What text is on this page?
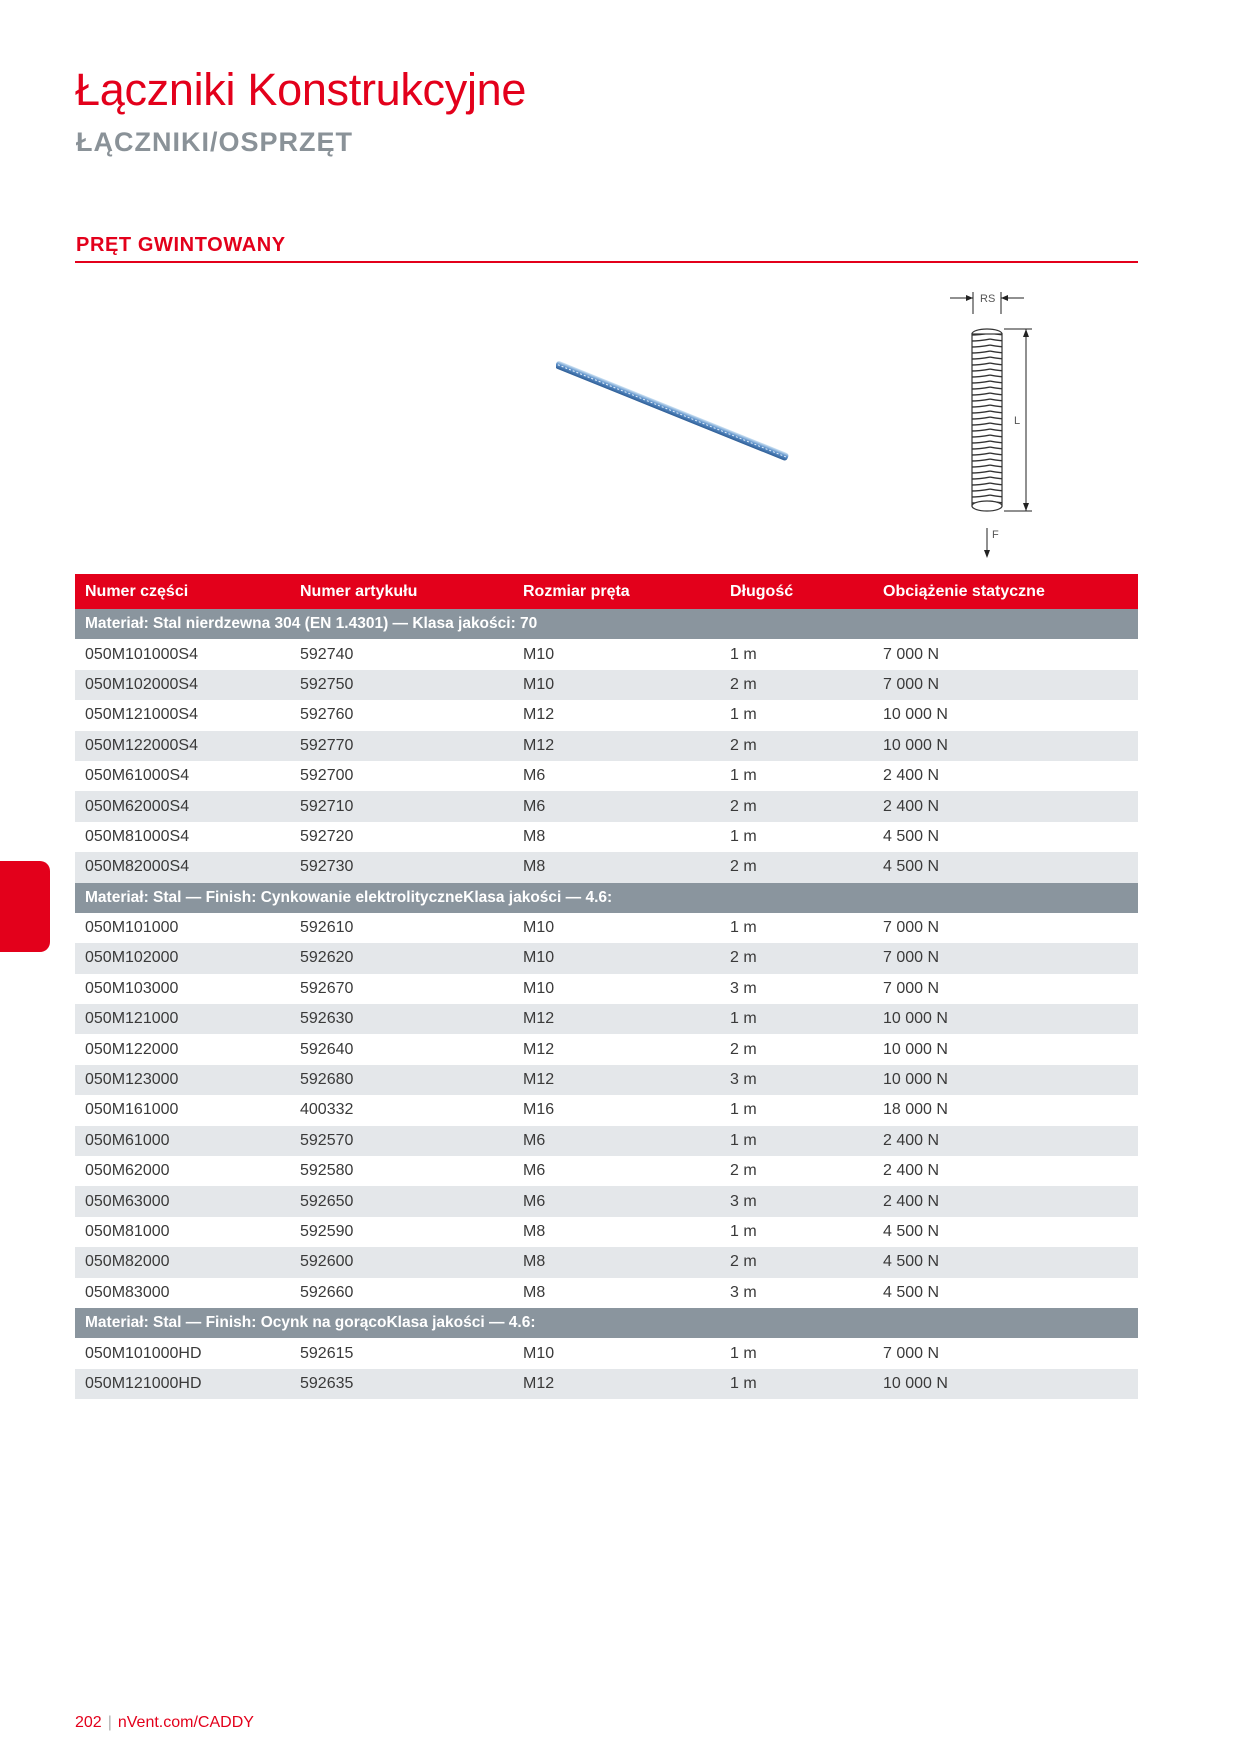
Łączniki Konstrukcyjne
ŁĄCZNIKI/OSPRZĘT
PRĘT GWINTOWANY
RS
L
F
Numer części	Numer artykułu	Rozmiar pręta	Długość	Obciążenie statyczne
Materiał: Stal nierdzewna 304 (EN 1.4301) — Klasa jakości: 70				
050M101000S4	592740	M10	1 m	7 000 N
050M102000S4	592750	M10	2 m	7 000 N
050M121000S4	592760	M12	1 m	10 000 N
050M122000S4	592770	M12	2 m	10 000 N
050M61000S4	592700	M6	1 m	2 400 N
050M62000S4	592710	M6	2 m	2 400 N
050M81000S4	592720	M8	1 m	4 500 N
050M82000S4	592730	M8	2 m	4 500 N
Materiał: Stal — Finish: Cynkowanie elektrolityczneKlasa jakości — 4.6:				
050M101000	592610	M10	1 m	7 000 N
050M102000	592620	M10	2 m	7 000 N
050M103000	592670	M10	3 m	7 000 N
050M121000	592630	M12	1 m	10 000 N
050M122000	592640	M12	2 m	10 000 N
050M123000	592680	M12	3 m	10 000 N
050M161000	400332	M16	1 m	18 000 N
050M61000	592570	M6	1 m	2 400 N
050M62000	592580	M6	2 m	2 400 N
050M63000	592650	M6	3 m	2 400 N
050M81000	592590	M8	1 m	4 500 N
050M82000	592600	M8	2 m	4 500 N
050M83000	592660	M8	3 m	4 500 N
Materiał: Stal — Finish: Ocynk na gorącoKlasa jakości — 4.6:				
050M101000HD	592615	M10	1 m	7 000 N
050M121000HD	592635	M12	1 m	10 000 N
202 | nVent.com/CADDY
